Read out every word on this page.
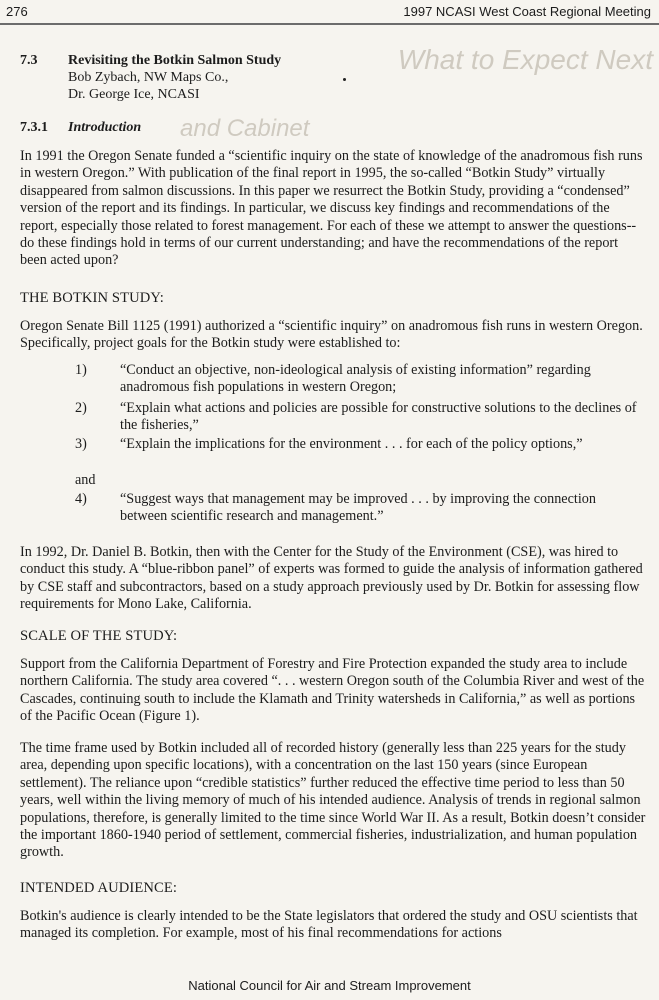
276	1997 NCASI West Coast Regional Meeting
What to Expect Next
and Cabinet
7.3 Revisiting the Botkin Salmon Study
Bob Zybach, NW Maps Co.,
Dr. George Ice, NCASI
7.3.1 Introduction

In 1991 the Oregon Senate funded a “scientific inquiry on the state of knowledge of the anadromous fish runs in western Oregon.” With publication of the final report in 1995, the so-called “Botkin Study” virtually disappeared from salmon discussions. In this paper we resurrect the Botkin Study, providing a “condensed” version of the report and its findings. In particular, we discuss key findings and recommendations of the report, especially those related to forest management. For each of these we attempt to answer the questions--do these findings hold in terms of our current understanding; and have the recommendations of the report been acted upon?

THE BOTKIN STUDY:

Oregon Senate Bill 1125 (1991) authorized a “scientific inquiry” on anadromous fish runs in western Oregon. Specifically, project goals for the Botkin study were established to:

1) “Conduct an objective, non-ideological analysis of existing information” regarding anadromous fish populations in western Oregon;
2) “Explain what actions and policies are possible for constructive solutions to the declines of the fisheries,”
3) “Explain the implications for the environment . . . for each of the policy options,”
and
4) “Suggest ways that management may be improved . . . by improving the connection between scientific research and management.”

In 1992, Dr. Daniel B. Botkin, then with the Center for the Study of the Environment (CSE), was hired to conduct this study. A “blue-ribbon panel” of experts was formed to guide the analysis of information gathered by CSE staff and subcontractors, based on a study approach previously used by Dr. Botkin for assessing flow requirements for Mono Lake, California.

SCALE OF THE STUDY:

Support from the California Department of Forestry and Fire Protection expanded the study area to include northern California. The study area covered “. . . western Oregon south of the Columbia River and west of the Cascades, continuing south to include the Klamath and Trinity watersheds in California,” as well as portions of the Pacific Ocean (Figure 1).

The time frame used by Botkin included all of recorded history (generally less than 225 years for the study area, depending upon specific locations), with a concentration on the last 150 years (since European settlement). The reliance upon “credible statistics” further reduced the effective time period to less than 50 years, well within the living memory of much of his intended audience. Analysis of trends in regional salmon populations, therefore, is generally limited to the time since World War II. As a result, Botkin doesn’t consider the important 1860-1940 period of settlement, commercial fisheries, industrialization, and human population growth.

INTENDED AUDIENCE:

Botkin's audience is clearly intended to be the State legislators that ordered the study and OSU scientists that managed its completion. For example, most of his final recommendations for actions

National Council for Air and Stream Improvement
